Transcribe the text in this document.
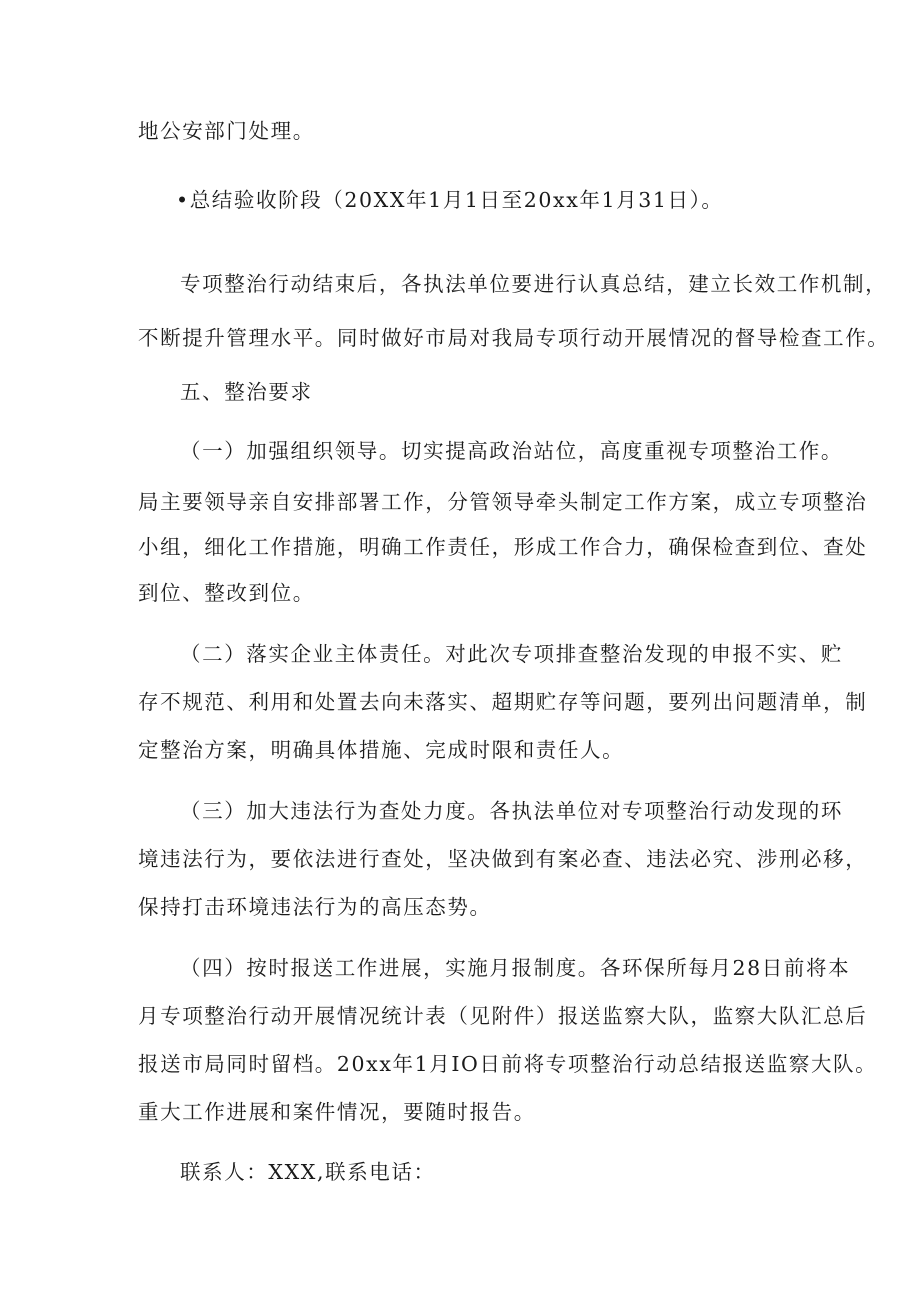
地公安部门处理。
•总结验收阶段（20XX年1月1日至20xx年1月31日）。
专项整治行动结束后，各执法单位要进行认真总结，建立长效工作机制，
不断提升管理水平。同时做好市局对我局专项行动开展情况的督导检查工作。
五、整治要求
（一）加强组织领导。切实提高政治站位，高度重视专项整治工作。
局主要领导亲自安排部署工作，分管领导牵头制定工作方案，成立专项整治
小组，细化工作措施，明确工作责任，形成工作合力，确保检查到位、查处
到位、整改到位。
（二）落实企业主体责任。对此次专项排查整治发现的申报不实、贮
存不规范、利用和处置去向未落实、超期贮存等问题，要列出问题清单，制
定整治方案，明确具体措施、完成时限和责任人。
（三）加大违法行为查处力度。各执法单位对专项整治行动发现的环
境违法行为，要依法进行查处，坚决做到有案必查、违法必究、涉刑必移，
保持打击环境违法行为的高压态势。
（四）按时报送工作进展，实施月报制度。各环保所每月28日前将本
月专项整治行动开展情况统计表（见附件）报送监察大队，监察大队汇总后
报送市局同时留档。20xx年1月IO日前将专项整治行动总结报送监察大队。
重大工作进展和案件情况，要随时报告。
联系人：XXX,联系电话：
